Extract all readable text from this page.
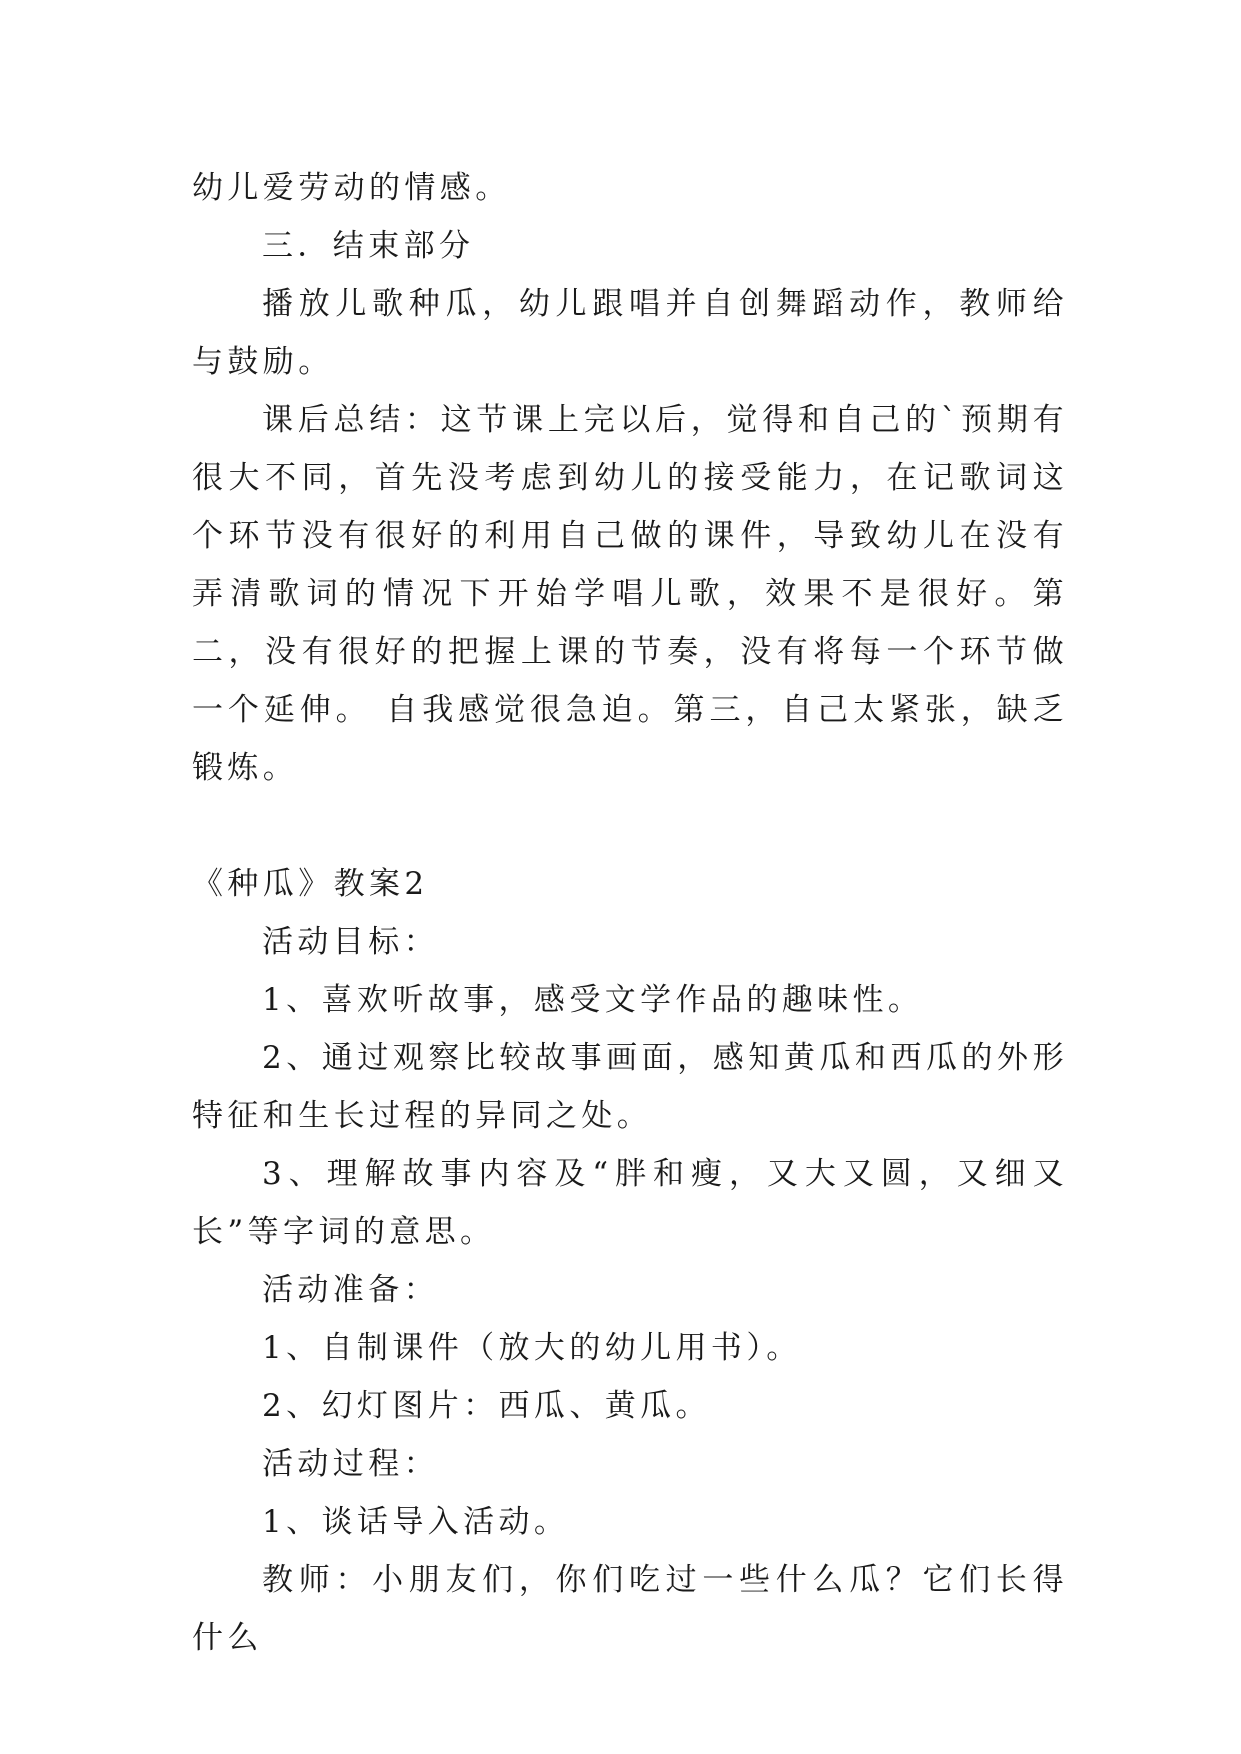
幼儿爱劳动的情感。

三．结束部分

播放儿歌种瓜，幼儿跟唱并自创舞蹈动作，教师给与鼓励。

课后总结：这节课上完以后，觉得和自己的`预期有很大不同，首先没考虑到幼儿的接受能力，在记歌词这个环节没有很好的利用自己做的课件，导致幼儿在没有弄清歌词的情况下开始学唱儿歌，效果不是很好。第二，没有很好的把握上课的节奏，没有将每一个环节做一个延伸。 自我感觉很急迫。第三，自己太紧张，缺乏锻炼。

《种瓜》教案2

活动目标：

1、喜欢听故事，感受文学作品的趣味性。

2、通过观察比较故事画面，感知黄瓜和西瓜的外形特征和生长过程的异同之处。

3、理解故事内容及“胖和瘦，又大又圆，又细又长”等字词的意思。

活动准备：

1、自制课件（放大的幼儿用书）。

2、幻灯图片：西瓜、黄瓜。

活动过程：

1、谈话导入活动。

教师：小朋友们，你们吃过一些什么瓜？它们长得什么
